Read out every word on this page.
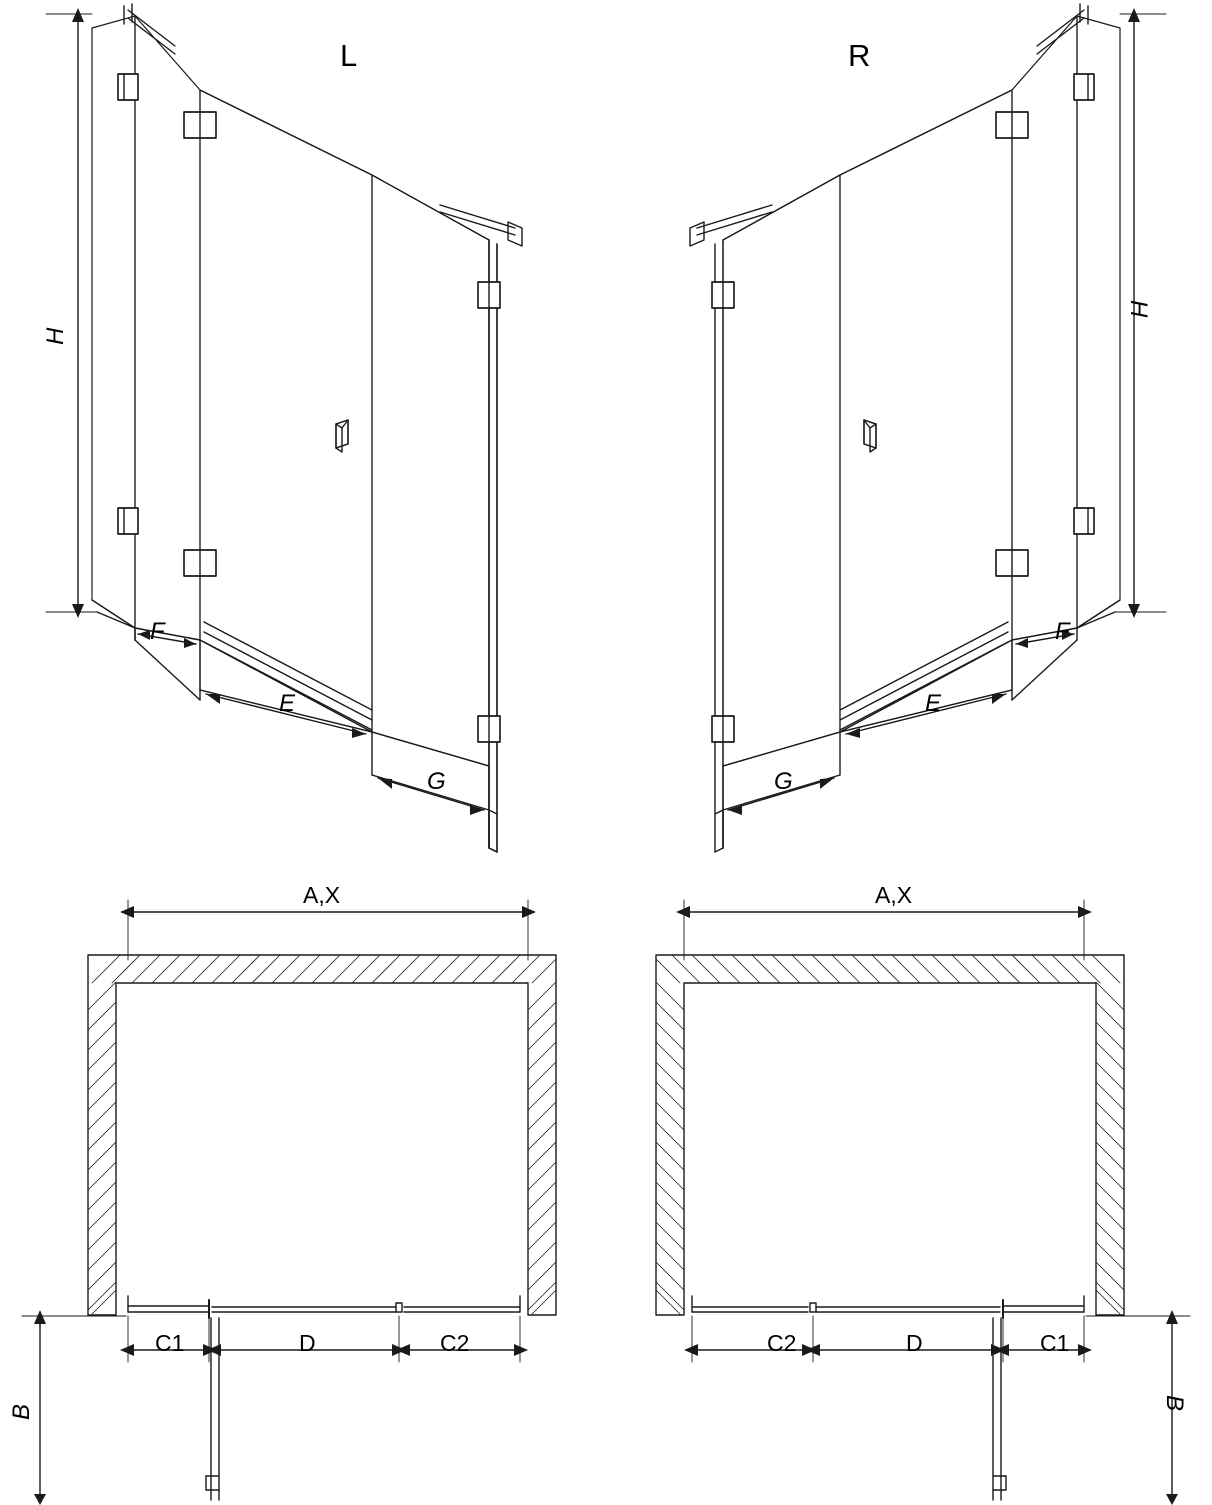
L	R
H
H
F
E
G
F
E
G
A,X	A,X
C1	D	C2	C2	D	C1
B
B
